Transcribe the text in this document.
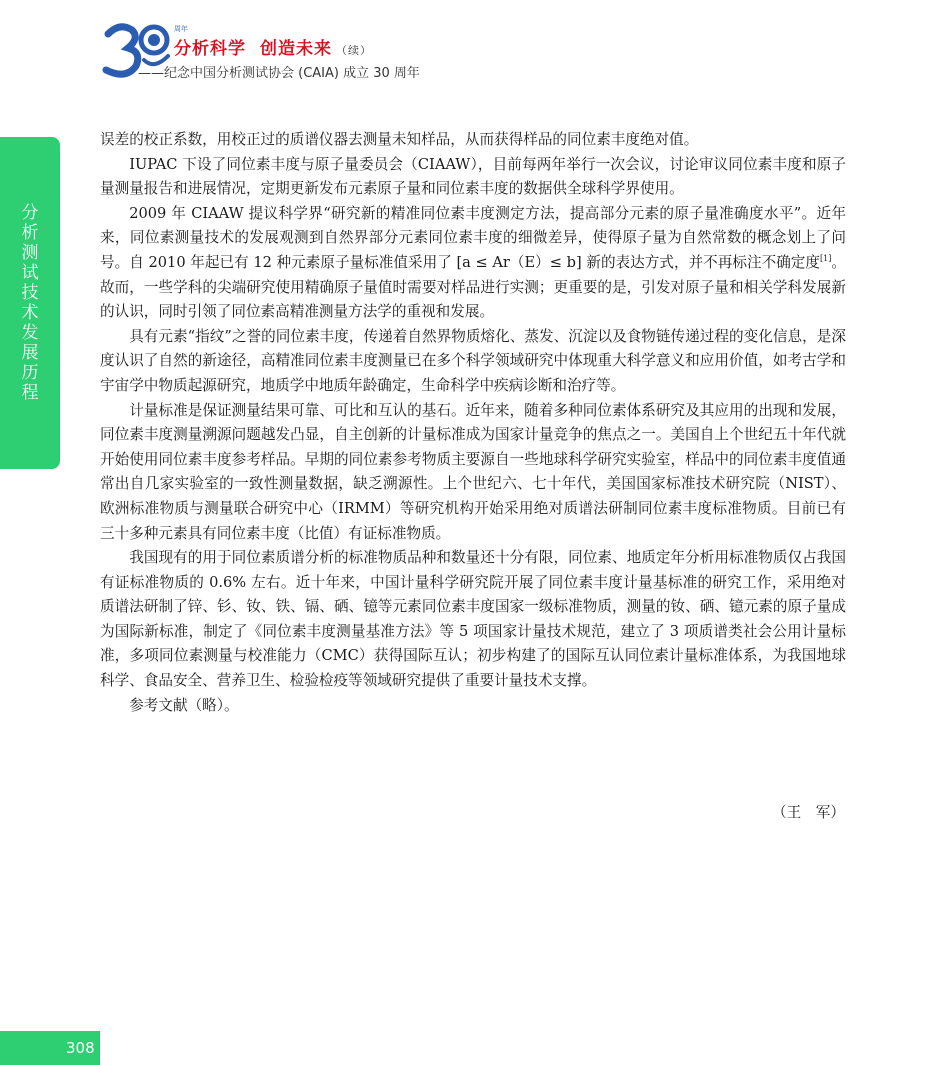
周年
分析科学 创造未来 （续）
——纪念中国分析测试协会 (CAIA) 成立 30 周年
分析测试技术发展历程

误差的校正系数，用校正过的质谱仪器去测量未知样品，从而获得样品的同位素丰度绝对值。

IUPAC 下设了同位素丰度与原子量委员会（CIAAW），目前每两年举行一次会议，讨论审议同位素丰度和原子量测量报告和进展情况，定期更新发布元素原子量和同位素丰度的数据供全球科学界使用。

2009 年 CIAAW 提议科学界“研究新的精准同位素丰度测定方法，提高部分元素的原子量准确度水平”。近年来，同位素测量技术的发展观测到自然界部分元素同位素丰度的细微差异，使得原子量为自然常数的概念划上了问号。自 2010 年起已有 12 种元素原子量标准值采用了 [a ≤ Ar（E）≤ b] 新的表达方式，并不再标注不确定度[1]。故而，一些学科的尖端研究使用精确原子量值时需要对样品进行实测；更重要的是，引发对原子量和相关学科发展新的认识，同时引领了同位素高精准测量方法学的重视和发展。

具有元素“指纹”之誉的同位素丰度，传递着自然界物质熔化、蒸发、沉淀以及食物链传递过程的变化信息，是深度认识了自然的新途径，高精准同位素丰度测量已在多个科学领域研究中体现重大科学意义和应用价值，如考古学和宇宙学中物质起源研究，地质学中地质年龄确定，生命科学中疾病诊断和治疗等。

计量标准是保证测量结果可靠、可比和互认的基石。近年来，随着多种同位素体系研究及其应用的出现和发展，同位素丰度测量溯源问题越发凸显，自主创新的计量标准成为国家计量竞争的焦点之一。美国自上个世纪五十年代就开始使用同位素丰度参考样品。早期的同位素参考物质主要源自一些地球科学研究实验室，样品中的同位素丰度值通常出自几家实验室的一致性测量数据，缺乏溯源性。上个世纪六、七十年代，美国国家标准技术研究院（NIST）、欧洲标准物质与测量联合研究中心（IRMM）等研究机构开始采用绝对质谱法研制同位素丰度标准物质。目前已有三十多种元素具有同位素丰度（比值）有证标准物质。

我国现有的用于同位素质谱分析的标准物质品种和数量还十分有限，同位素、地质定年分析用标准物质仅占我国有证标准物质的 0.6% 左右。近十年来，中国计量科学研究院开展了同位素丰度计量基标准的研究工作，采用绝对质谱法研制了锌、钐、钕、铁、镉、硒、镱等元素同位素丰度国家一级标准物质，测量的钕、硒、镱元素的原子量成为国际新标准，制定了《同位素丰度测量基准方法》等 5 项国家计量技术规范，建立了 3 项质谱类社会公用计量标准，多项同位素测量与校准能力（CMC）获得国际互认；初步构建了的国际互认同位素计量标准体系，为我国地球科学、食品安全、营养卫生、检验检疫等领域研究提供了重要计量技术支撑。

参考文献（略）。

（王　军）
308
